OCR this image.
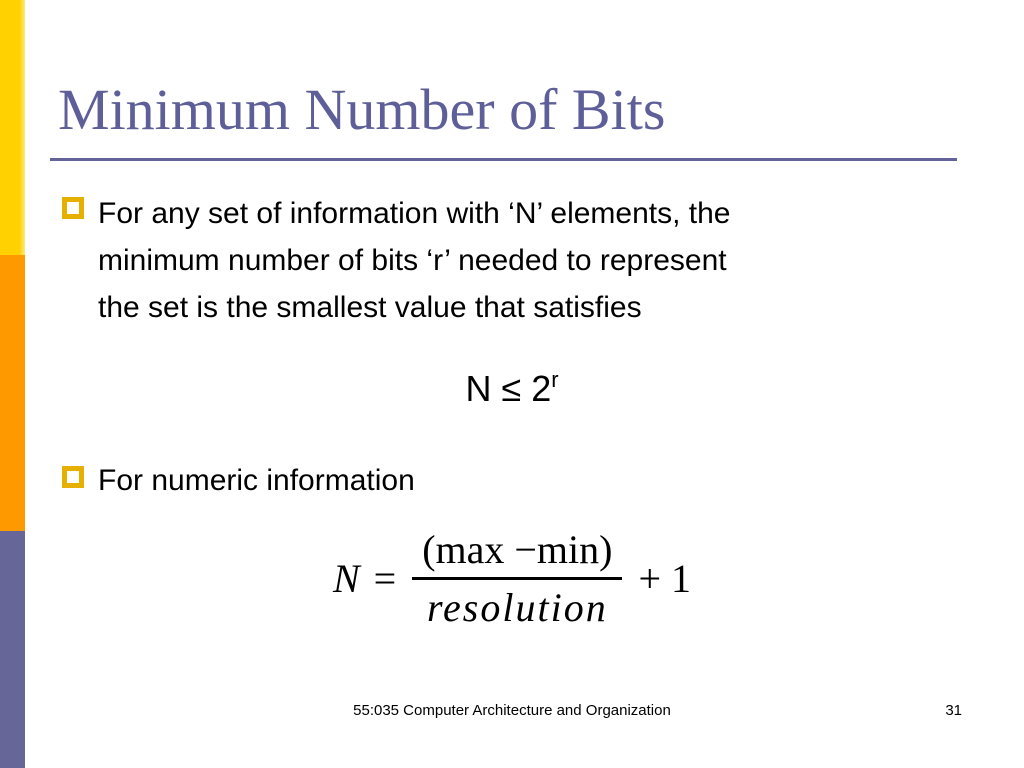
Minimum Number of Bits
For any set of information with ‘N’ elements, the
minimum number of bits ‘r’ needed to represent
the set is the smallest value that satisfies
$N \le 2^r$
For numeric information
$N = \frac{(\max -\min)}{\text{resolution}} + 1$
55:035 Computer Architecture and Organization	31
